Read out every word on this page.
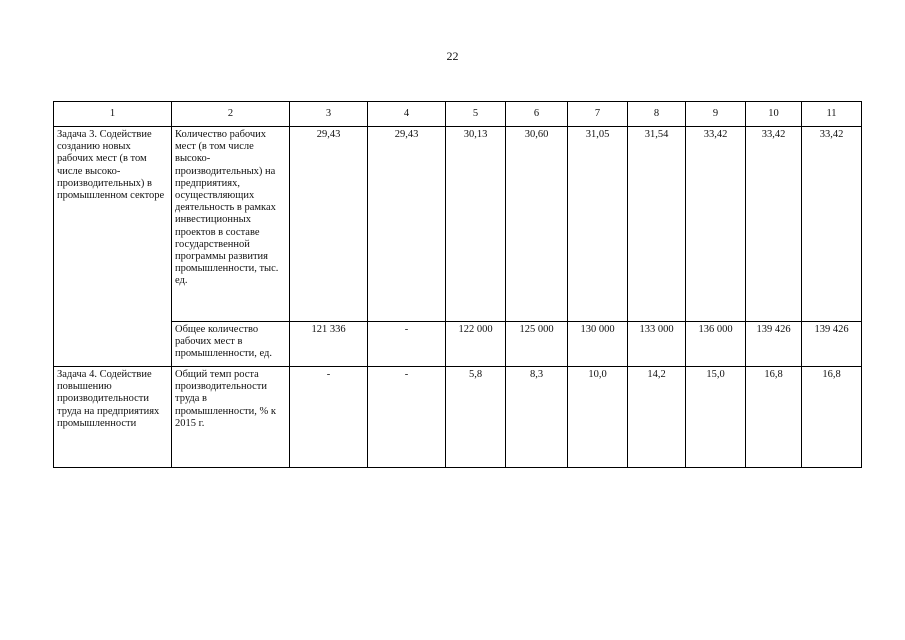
22
1	2	3	4	5	6	7	8	9	10	11
Задача 3. Содействие созданию новых рабочих мест (в том числе высоко-производительных) в промышленном секторе	Количество рабочих мест (в том числе высоко-производительных) на предприятиях, осуществляющих деятельность в рамках инвестиционных проектов в составе государственной программы развития промышленности, тыс. ед.	29,43	29,43	30,13	30,60	31,05	31,54	33,42	33,42	33,42
	Общее количество рабочих мест в промышленности, ед.	121 336	-	122 000	125 000	130 000	133 000	136 000	139 426	139 426
Задача 4. Содействие повышению производительности труда на предприятиях промышленности	Общий темп роста производительности труда в промышленности, % к 2015 г.	-	-	5,8	8,3	10,0	14,2	15,0	16,8	16,8
